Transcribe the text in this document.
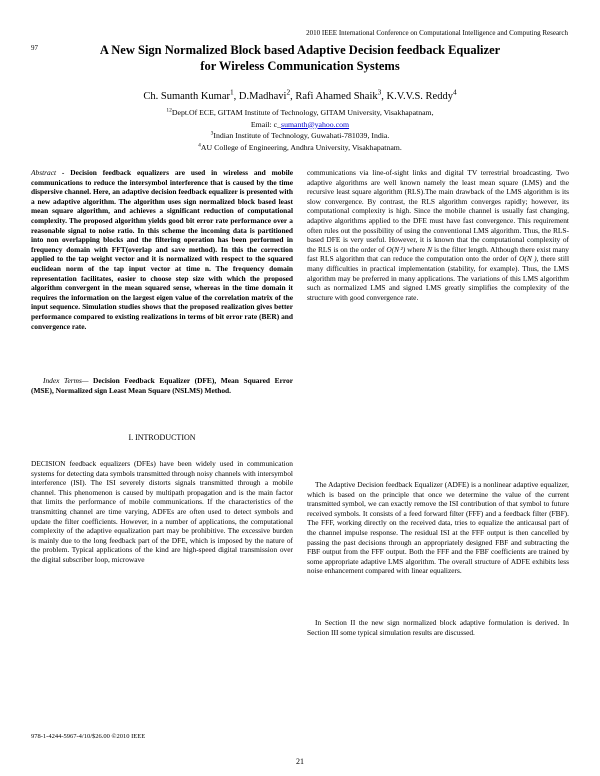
2010 IEEE International Conference on Computational Intelligence and Computing Research
97	A New Sign Normalized Block based Adaptive Decision feedback Equalizer
for Wireless Communication Systems
Ch. Sumanth Kumar$^1$, D.Madhavi$^2$, Rafi Ahamed Shaik$^3$, K.V.V.S. Reddy$^4$
$^{12}$Dept.Of ECE, GITAM Institute of Technology, GITAM University, Visakhapatnam,
Email: c_sumanth@yahoo.com
$^3$Indian Institute of Technology, Guwahati-781039, India.
$^4$AU College of Engineering, Andhra University, Visakhapatnam.
Abstract - Decision feedback equalizers are used in wireless and mobile communications to reduce the intersymbol interference that is caused by the time dispersive channel. Here, an adaptive decision feedback equalizer is presented with a new adaptive algorithm. The algorithm uses sign normalized block based least mean square algorithm, and achieves a significant reduction of computational complexity. The proposed algorithm yields good bit error rate performance over a reasonable signal to noise ratio. In this scheme the incoming data is partitioned into non overlapping blocks and the filtering operation has been performed in frequency domain with FFT(overlap and save method). In this the correction applied to the tap weight vector and it is normalized with respect to the squared euclidean norm of the tap input vector at time n. The frequency domain representation facilitates, easier to choose step size with which the proposed algorithm convergent in the mean squared sense, whereas in the time domain it requires the information on the largest eigen value of the correlation matrix of the input sequence. Simulation studies shows that the proposed realization gives better performance compared to existing realizations in terms of bit error rate (BER) and convergence rate.
Index Terms— Decision Feedback Equalizer (DFE), Mean Squared Error (MSE), Normalized sign Least Mean Square (NSLMS) Method.
I. INTRODUCTION
DECISION feedback equalizers (DFEs) have been widely used in communication systems for detecting data symbols transmitted through noisy channels with intersymbol interference (ISI). The ISI severely distorts signals transmitted through a mobile channel. This phenomenon is caused by multipath propagation and is the main factor that limits the performance of mobile communications. If the characteristics of the transmitting channel are time varying, ADFEs are often used to detect symbols and update the filter coefficients. However, in a number of applications, the computational complexity of the adaptive equalization part may be prohibitive. The excessive burden is mainly due to the long feedback part of the DFE, which is imposed by the nature of the problem. Typical applications of the kind are high-speed digital transmission over the digital subscriber loop, microwave
communications via line-of-sight links and digital TV terrestrial broadcasting. Two adaptive algorithms are well known namely the least mean square (LMS) and the recursive least square algorithm (RLS).The main drawback of the LMS algorithm is its slow convergence. By contrast, the RLS algorithm converges rapidly; however, its computational complexity is high. Since the mobile channel is usually fast changing, adaptive algorithms applied to the DFE must have fast convergence. This requirement often rules out the possibility of using the conventional LMS algorithm. Thus, the RLS-based DFE is very useful. However, it is known that the computational complexity of the RLS is on the order of O(N ²) where N is the filter length. Although there exist many fast RLS algorithm that can reduce the computation onto the order of O(N ), there still many difficulties in practical implementation (stability, for example). Thus, the LMS algorithm may be preferred in many applications. The variations of this LMS algorithm such as normalized LMS and signed LMS greatly simplifies the complexity of the structure with good convergence rate.
The Adaptive Decision feedback Equalizer (ADFE) is a nonlinear adaptive equalizer, which is based on the principle that once we determine the value of the current transmitted symbol, we can exactly remove the ISI contribution of that symbol to future received symbols. It consists of a feed forward filter (FFF) and a feedback filter (FBF). The FFF, working directly on the received data, tries to equalize the anticausal part of the channel impulse response. The residual ISI at the FFF output is then cancelled by passing the past decisions through an appropriately designed FBF and subtracting the FBF output from the FFF output. Both the FFF and the FBF coefficients are trained by some appropriate adaptive LMS algorithm. The overall structure of ADFE exhibits less noise enhancement compared with linear equalizers.
In Section II the new sign normalized block adaptive formulation is derived. In Section III some typical simulation results are discussed.
978-1-4244-5967-4/10/$26.00 ©2010 IEEE
21
